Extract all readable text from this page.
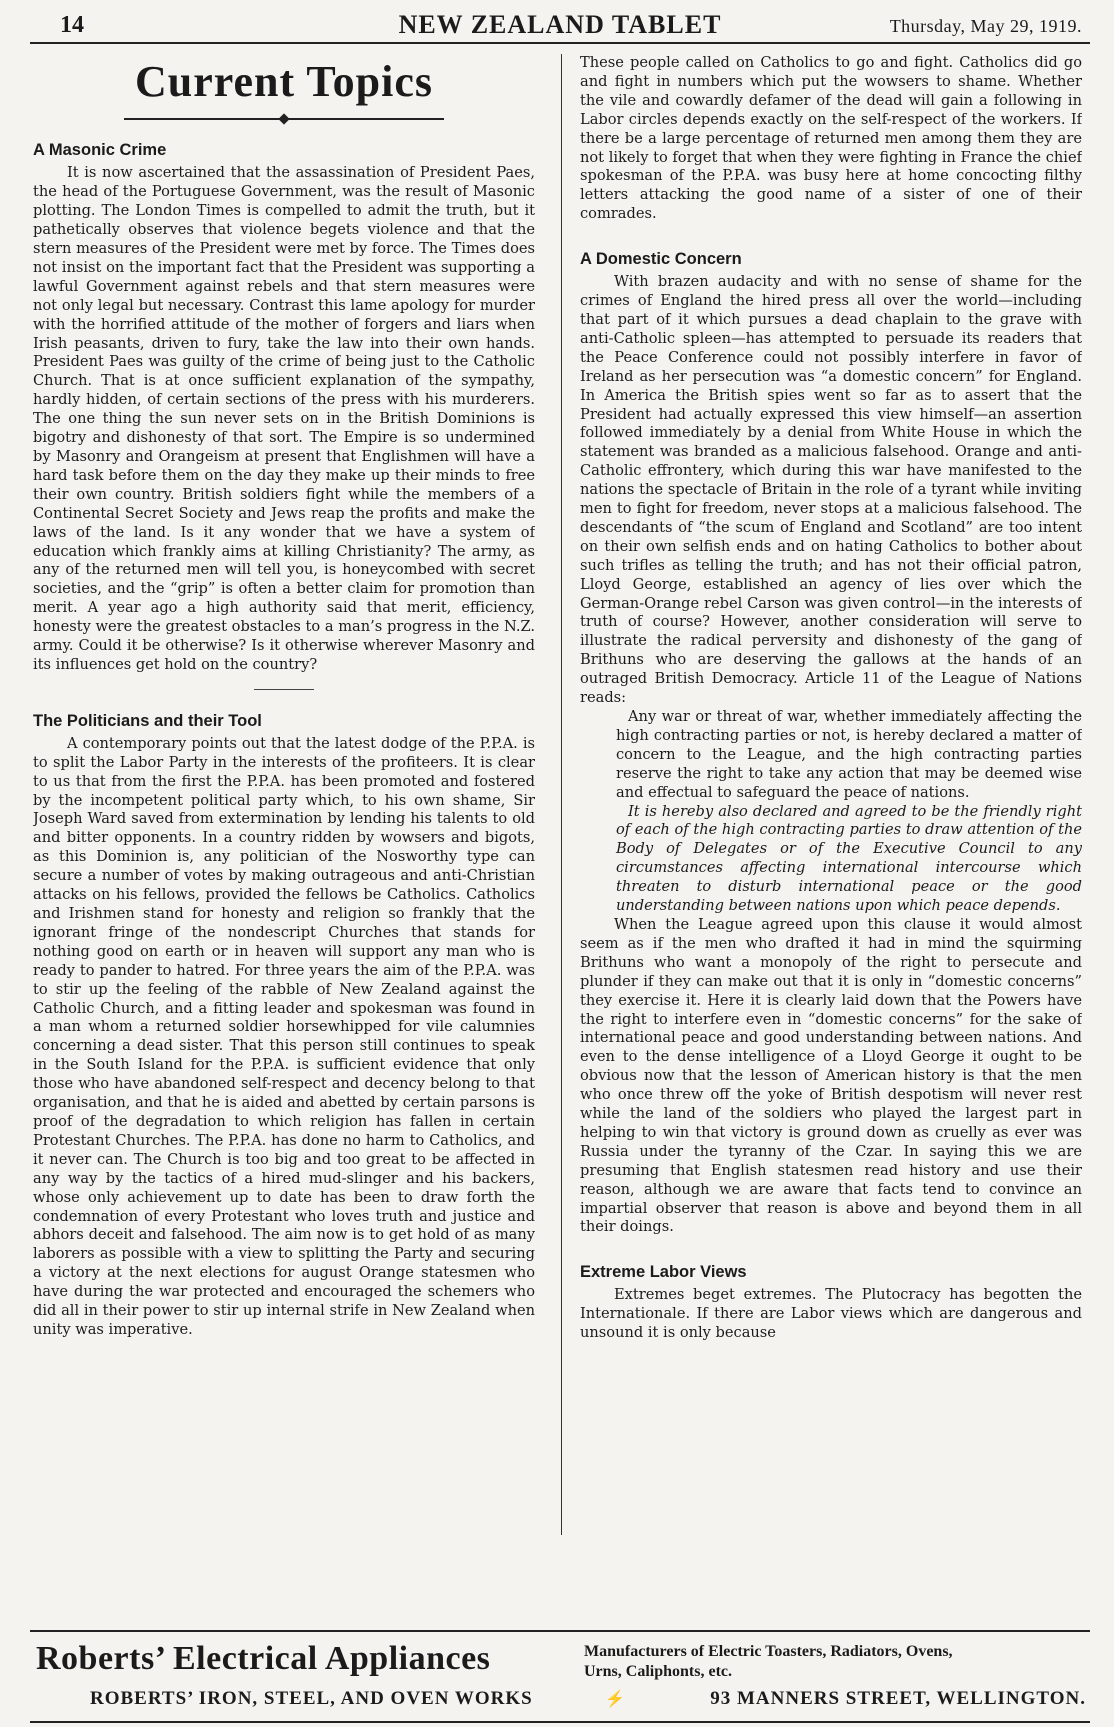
14	NEW ZEALAND TABLET	Thursday, May 29, 1919.
Current Topics
A Masonic Crime

It is now ascertained that the assassination of President Paes, the head of the Portuguese Government, was the result of Masonic plotting. The London Times is compelled to admit the truth, but it pathetically observes that violence begets violence and that the stern measures of the President were met by force. The Times does not insist on the important fact that the President was supporting a lawful Government against rebels and that stern measures were not only legal but necessary. Contrast this lame apology for murder with the horrified attitude of the mother of forgers and liars when Irish peasants, driven to fury, take the law into their own hands. President Paes was guilty of the crime of being just to the Catholic Church. That is at once sufficient explanation of the sympathy, hardly hidden, of certain sections of the press with his murderers. The one thing the sun never sets on in the British Dominions is bigotry and dishonesty of that sort. The Empire is so undermined by Masonry and Orangeism at present that Englishmen will have a hard task before them on the day they make up their minds to free their own country. British soldiers fight while the members of a Continental Secret Society and Jews reap the profits and make the laws of the land. Is it any wonder that we have a system of education which frankly aims at killing Christianity? The army, as any of the returned men will tell you, is honeycombed with secret societies, and the “grip” is often a better claim for promotion than merit. A year ago a high authority said that merit, efficiency, honesty were the greatest obstacles to a man’s progress in the N.Z. army. Could it be otherwise? Is it otherwise wherever Masonry and its influences get hold on the country?

The Politicians and their Tool

A contemporary points out that the latest dodge of the P.P.A. is to split the Labor Party in the interests of the profiteers. It is clear to us that from the first the P.P.A. has been promoted and fostered by the incompetent political party which, to his own shame, Sir Joseph Ward saved from extermination by lending his talents to old and bitter opponents. In a country ridden by wowsers and bigots, as this Dominion is, any politician of the Nosworthy type can secure a number of votes by making outrageous and anti-Christian attacks on his fellows, provided the fellows be Catholics. Catholics and Irishmen stand for honesty and religion so frankly that the ignorant fringe of the nondescript Churches that stands for nothing good on earth or in heaven will support any man who is ready to pander to hatred. For three years the aim of the P.P.A. was to stir up the feeling of the rabble of New Zealand against the Catholic Church, and a fitting leader and spokesman was found in a man whom a returned soldier horsewhipped for vile calumnies concerning a dead sister. That this person still continues to speak in the South Island for the P.P.A. is sufficient evidence that only those who have abandoned self-respect and decency belong to that organisation, and that he is aided and abetted by certain parsons is proof of the degradation to which religion has fallen in certain Protestant Churches. The P.P.A. has done no harm to Catholics, and it never can. The Church is too big and too great to be affected in any way by the tactics of a hired mud-slinger and his backers, whose only achievement up to date has been to draw forth the condemnation of every Protestant who loves truth and justice and abhors deceit and falsehood. The aim now is to get hold of as many laborers as possible with a view to splitting the Party and securing a victory at the next elections for august Orange statesmen who have during the war protected and encouraged the schemers who did all in their power to stir up internal strife in New Zealand when unity was imperative.

These people called on Catholics to go and fight. Catholics did go and fight in numbers which put the wowsers to shame. Whether the vile and cowardly defamer of the dead will gain a following in Labor circles depends exactly on the self-respect of the workers. If there be a large percentage of returned men among them they are not likely to forget that when they were fighting in France the chief spokesman of the P.P.A. was busy here at home concocting filthy letters attacking the good name of a sister of one of their comrades.

A Domestic Concern

With brazen audacity and with no sense of shame for the crimes of England the hired press all over the world—including that part of it which pursues a dead chaplain to the grave with anti-Catholic spleen—has attempted to persuade its readers that the Peace Conference could not possibly interfere in favor of Ireland as her persecution was “a domestic concern” for England. In America the British spies went so far as to assert that the President had actually expressed this view himself—an assertion followed immediately by a denial from White House in which the statement was branded as a malicious falsehood. Orange and anti-Catholic effrontery, which during this war have manifested to the nations the spectacle of Britain in the role of a tyrant while inviting men to fight for freedom, never stops at a malicious falsehood. The descendants of “the scum of England and Scotland” are too intent on their own selfish ends and on hating Catholics to bother about such trifles as telling the truth; and has not their official patron, Lloyd George, established an agency of lies over which the German-Orange rebel Carson was given control—in the interests of truth of course? However, another consideration will serve to illustrate the radical perversity and dishonesty of the gang of Brithuns who are deserving the gallows at the hands of an outraged British Democracy. Article 11 of the League of Nations reads:

Any war or threat of war, whether immediately affecting the high contracting parties or not, is hereby declared a matter of concern to the League, and the high contracting parties reserve the right to take any action that may be deemed wise and effectual to safeguard the peace of nations.
It is hereby also declared and agreed to be the friendly right of each of the high contracting parties to draw attention of the Body of Delegates or of the Executive Council to any circumstances affecting international intercourse which threaten to disturb international peace or the good understanding between nations upon which peace depends.

When the League agreed upon this clause it would almost seem as if the men who drafted it had in mind the squirming Brithuns who want a monopoly of the right to persecute and plunder if they can make out that it is only in “domestic concerns” they exercise it. Here it is clearly laid down that the Powers have the right to interfere even in “domestic concerns” for the sake of international peace and good understanding between nations. And even to the dense intelligence of a Lloyd George it ought to be obvious now that the lesson of American history is that the men who once threw off the yoke of British despotism will never rest while the land of the soldiers who played the largest part in helping to win that victory is ground down as cruelly as ever was Russia under the tyranny of the Czar. In saying this we are presuming that English statesmen read history and use their reason, although we are aware that facts tend to convince an impartial observer that reason is above and beyond them in all their doings.

Extreme Labor Views

Extremes beget extremes. The Plutocracy has begotten the Internationale. If there are Labor views which are dangerous and unsound it is only because

Roberts’ Electrical Appliances	Manufacturers of Electric Toasters, Radiators, Ovens,
Urns, Caliphonts, etc.
ROBERTS’ IRON, STEEL, AND OVEN WORKS	⚡	93 MANNERS STREET, WELLINGTON.
